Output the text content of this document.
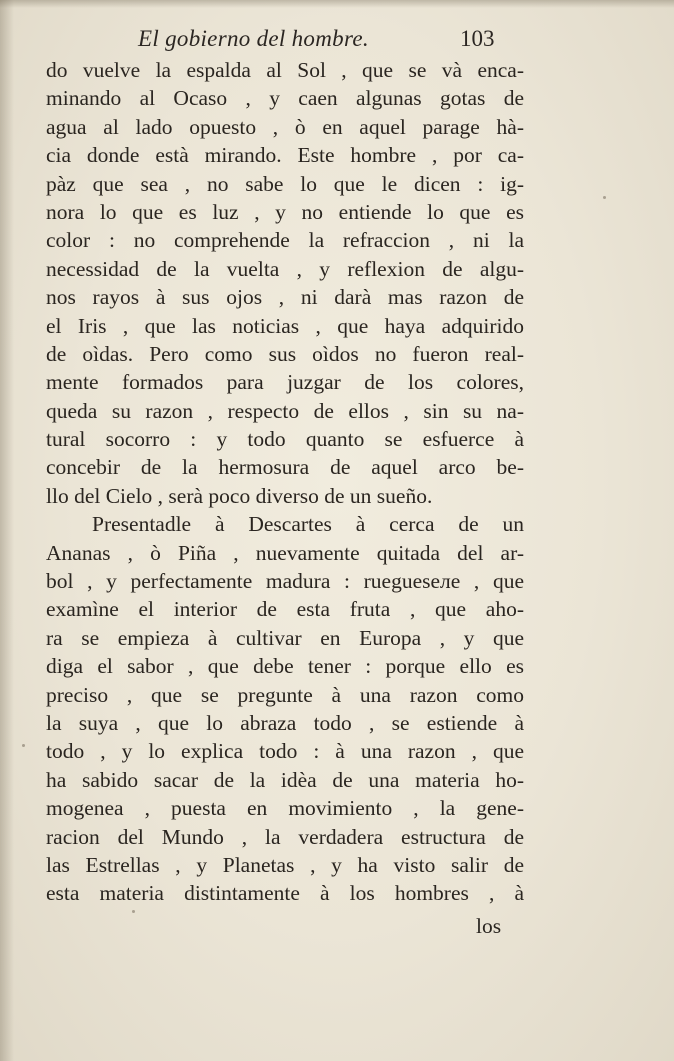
El gobierno del hombre.	103
do vuelve la espalda al Sol , que se và enca-
minando al Ocaso , y caen algunas gotas de
agua al lado opuesto , ò en aquel parage hà-
cia donde està mirando. Este hombre , por ca-
pàz que sea , no sabe lo que le dicen : ig-
nora lo que es luz , y no entiende lo que es
color : no comprehende la refraccion , ni la
necessidad de la vuelta , y reflexion de algu-
nos rayos à sus ojos , ni darà mas razon de
el Iris , que las noticias , que haya adquirido
de oìdas. Pero como sus oìdos no fueron real-
mente formados para juzgar de los colores,
queda su razon , respecto de ellos , sin su na-
tural socorro : y todo quanto se esfuerce à
concebir de la hermosura de aquel arco be-
llo del Cielo , serà poco diverso de un sueño.
Presentadle à Descartes à cerca de un
Ananas , ò Piña , nuevamente quitada del ar-
bol , y perfectamente madura : ruegueseле , que
examìne el interior de esta fruta , que aho-
ra se empieza à cultivar en Europa , y que
diga el sabor , que debe tener : porque ello es
preciso , que se pregunte à una razon como
la suya , que lo abraza todo , se estiende à
todo , y lo explica todo : à una razon , que
ha sabido sacar de la idèa de una materia ho-
mogenea , puesta en movimiento , la gene-
racion del Mundo , la verdadera estructura de
las Estrellas , y Planetas , y ha visto salir de
esta materia distintamente à los hombres , à
los
